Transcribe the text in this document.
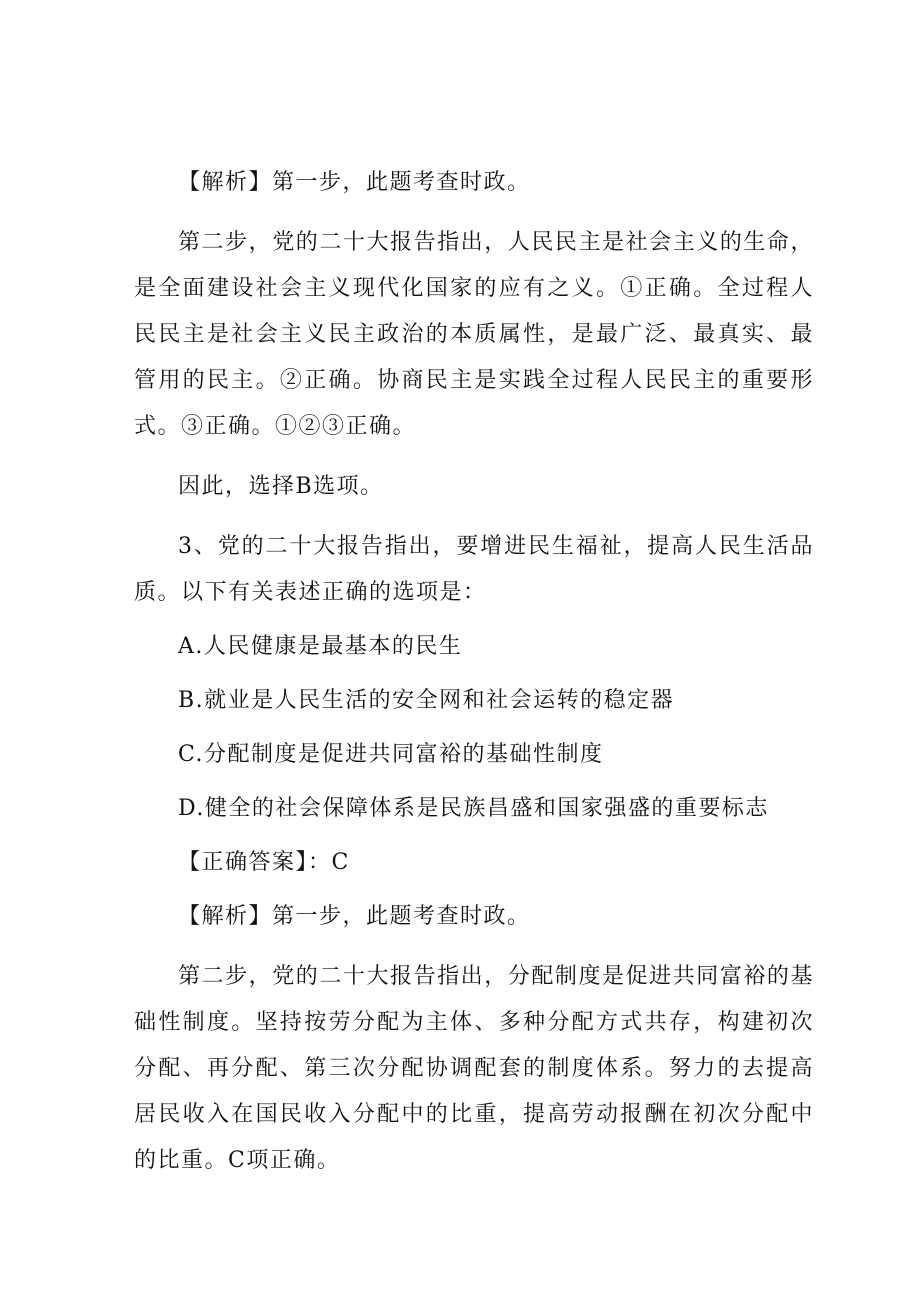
【解析】第一步，此题考查时政。

第二步，党的二十大报告指出，人民民主是社会主义的生命，是全面建设社会主义现代化国家的应有之义。①正确。全过程人民民主是社会主义民主政治的本质属性，是最广泛、最真实、最管用的民主。②正确。协商民主是实践全过程人民民主的重要形式。③正确。①②③正确。

因此，选择B选项。

3、党的二十大报告指出，要增进民生福祉，提高人民生活品质。以下有关表述正确的选项是：

A.人民健康是最基本的民生

B.就业是人民生活的安全网和社会运转的稳定器

C.分配制度是促进共同富裕的基础性制度

D.健全的社会保障体系是民族昌盛和国家强盛的重要标志

【正确答案】：C

【解析】第一步，此题考查时政。

第二步，党的二十大报告指出，分配制度是促进共同富裕的基础性制度。坚持按劳分配为主体、多种分配方式共存，构建初次分配、再分配、第三次分配协调配套的制度体系。努力的去提高居民收入在国民收入分配中的比重，提高劳动报酬在初次分配中的比重。C项正确。
